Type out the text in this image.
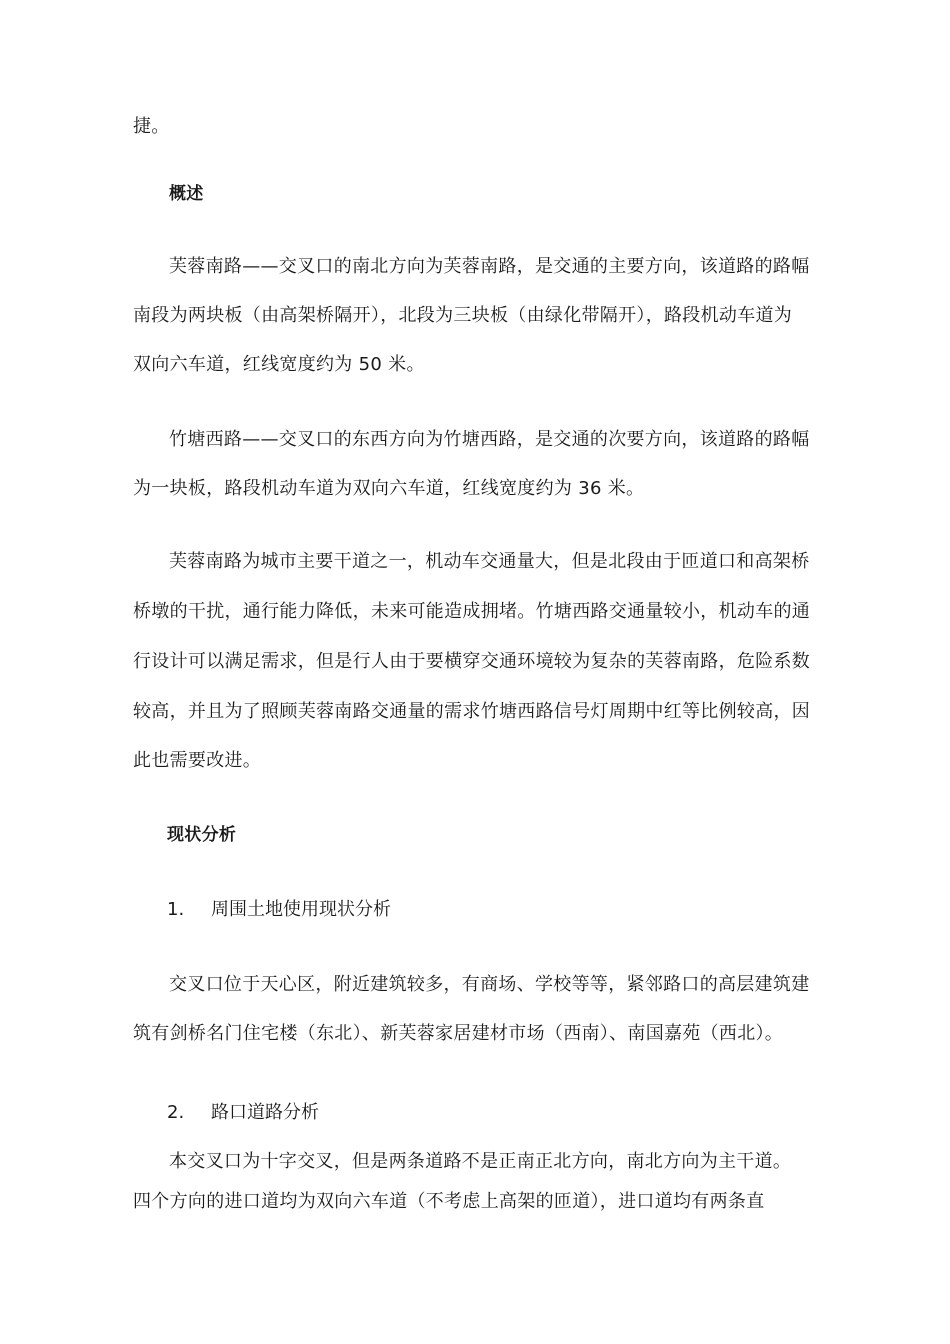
捷。
概述
芙蓉南路——交叉口的南北方向为芙蓉南路，是交通的主要方向，该道路的路幅
南段为两块板（由高架桥隔开），北段为三块板（由绿化带隔开），路段机动车道为
双向六车道，红线宽度约为 50 米。
竹塘西路——交叉口的东西方向为竹塘西路，是交通的次要方向，该道路的路幅
为一块板，路段机动车道为双向六车道，红线宽度约为 36 米。
芙蓉南路为城市主要干道之一，机动车交通量大，但是北段由于匝道口和高架桥
桥墩的干扰，通行能力降低，未来可能造成拥堵。竹塘西路交通量较小，机动车的通
行设计可以满足需求，但是行人由于要横穿交通环境较为复杂的芙蓉南路，危险系数
较高，并且为了照顾芙蓉南路交通量的需求竹塘西路信号灯周期中红等比例较高，因
此也需要改进。
现状分析
1. 周围土地使用现状分析
交叉口位于天心区，附近建筑较多，有商场、学校等等，紧邻路口的高层建筑建
筑有剑桥名门住宅楼（东北）、新芙蓉家居建材市场（西南）、南国嘉苑（西北）。
2. 路口道路分析
本交叉口为十字交叉，但是两条道路不是正南正北方向，南北方向为主干道。
四个方向的进口道均为双向六车道（不考虑上高架的匝道），进口道均有两条直
